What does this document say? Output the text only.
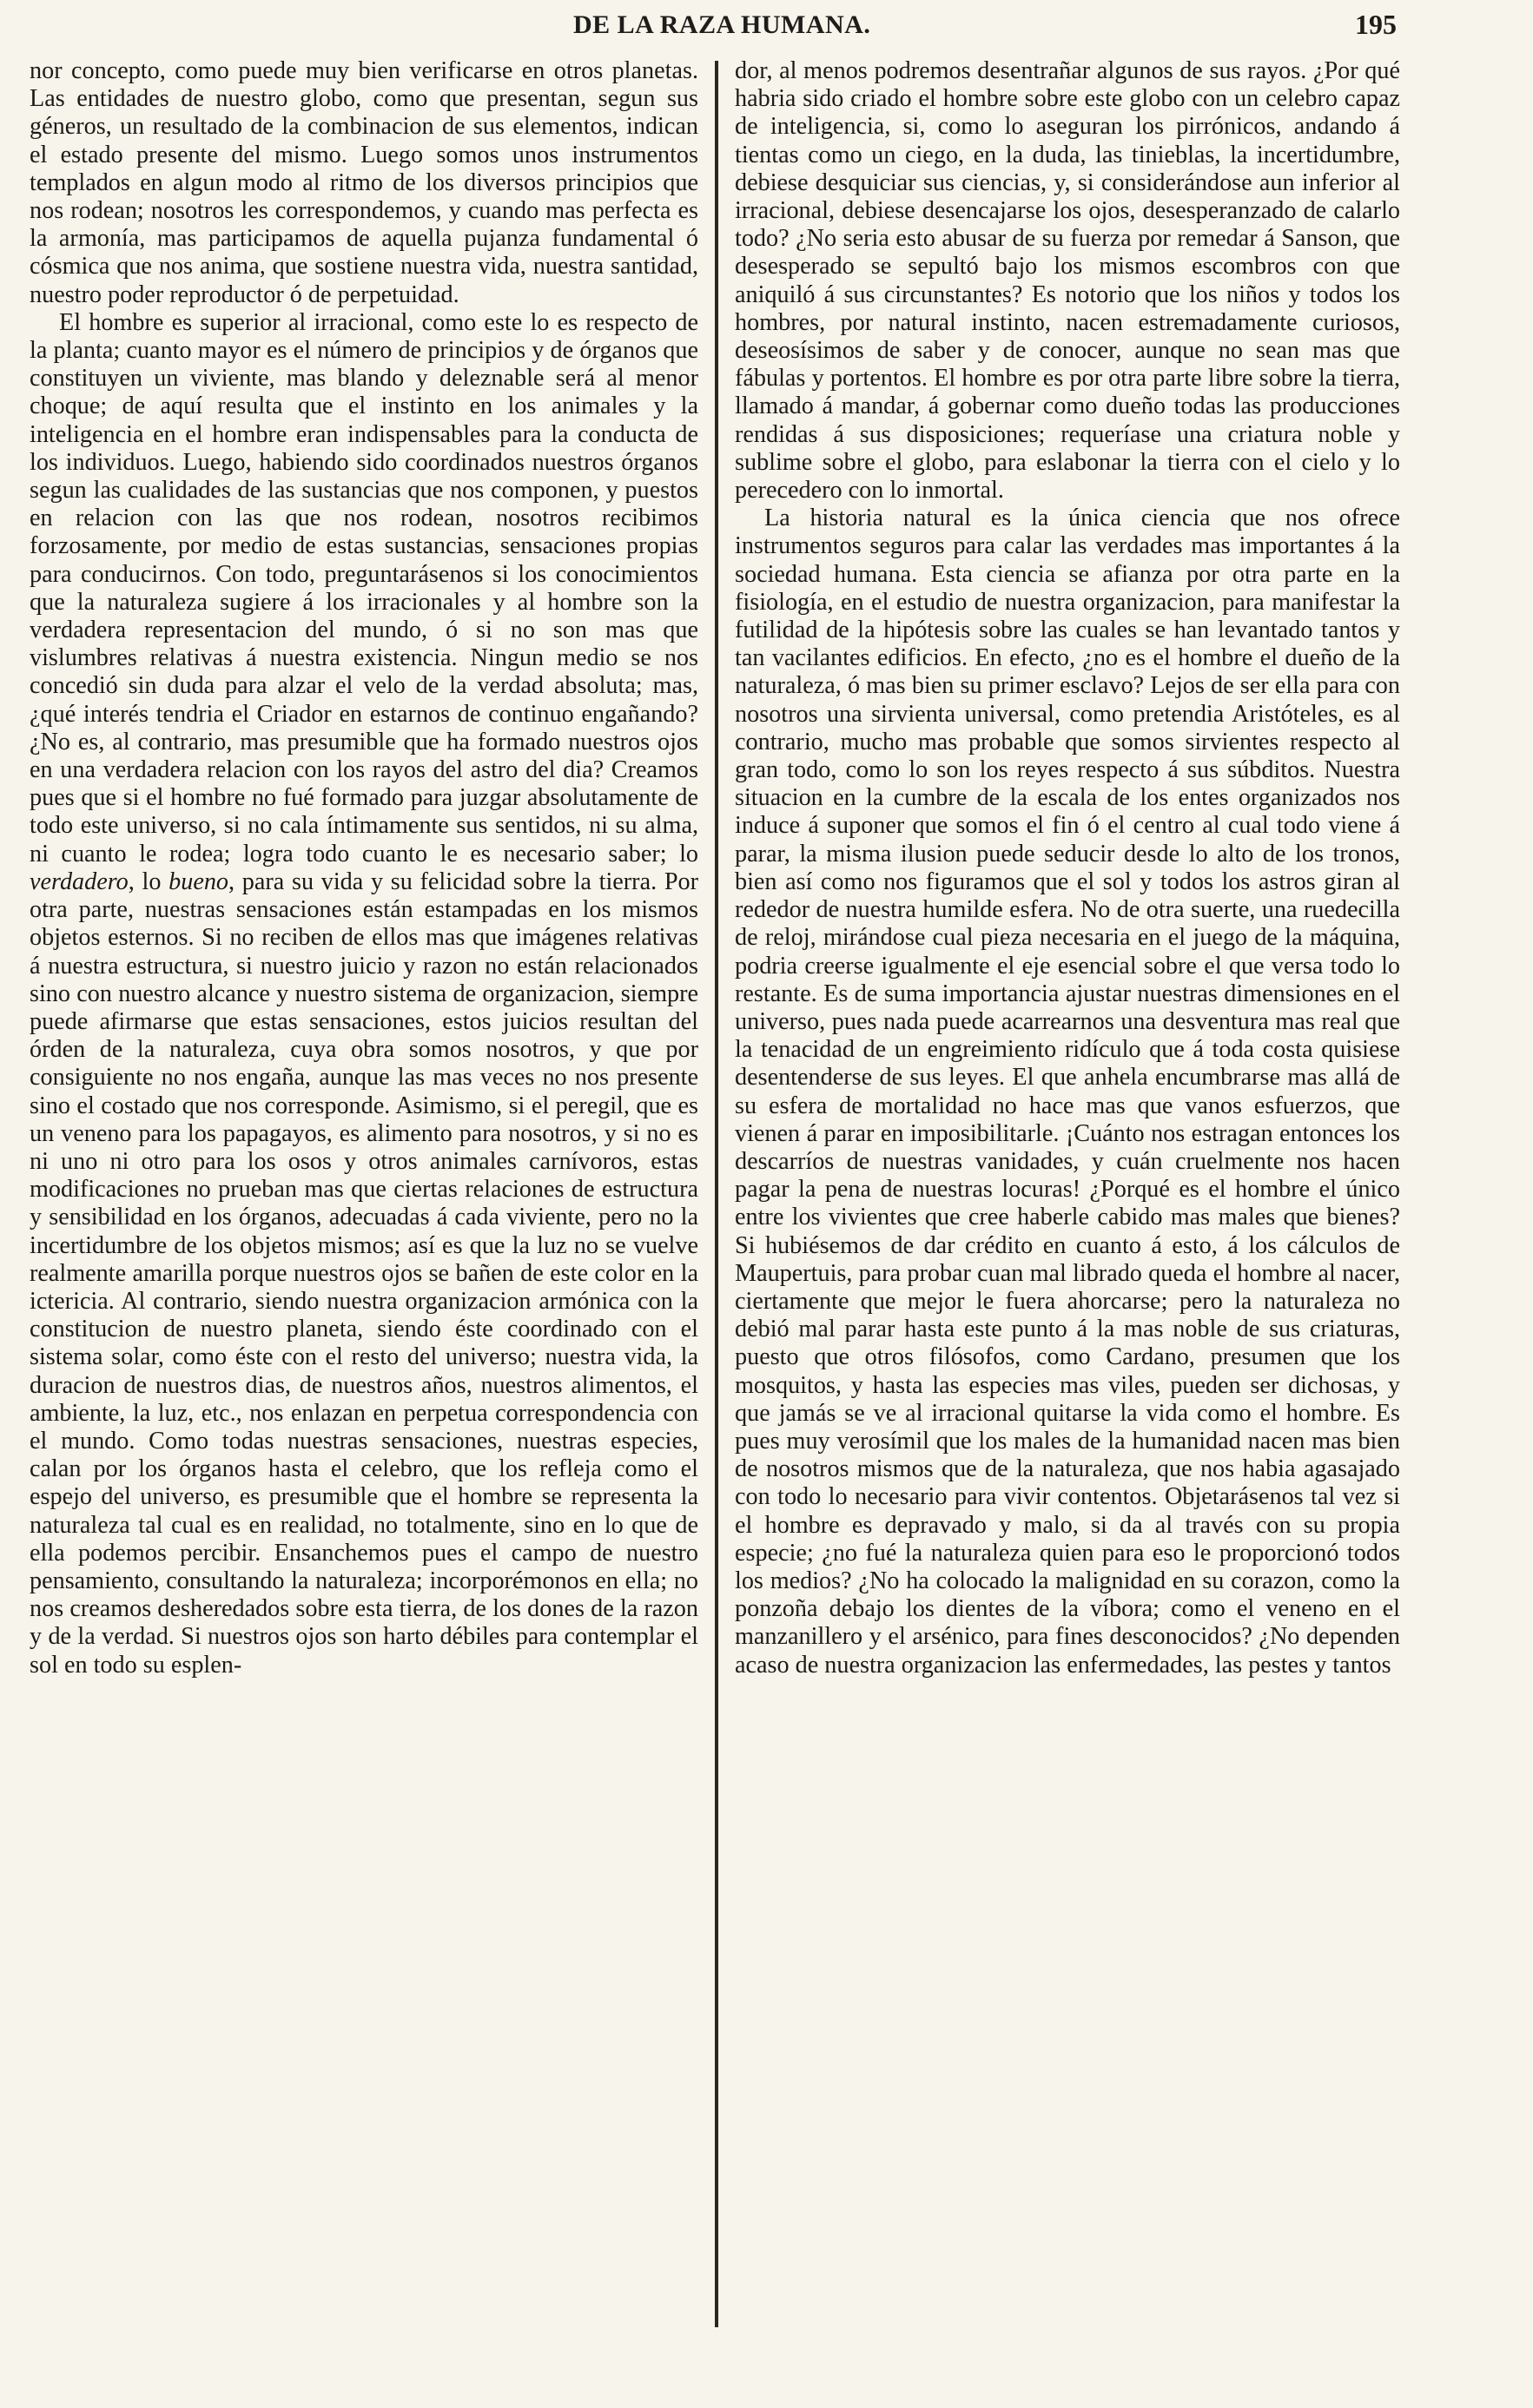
DE LA RAZA HUMANA.	195

nor concepto, como puede muy bien verificarse en otros planetas. Las entidades de nuestro globo, como que presentan, segun sus géneros, un resultado de la combinacion de sus elementos, indican el estado presente del mismo. Luego somos unos instrumentos templados en algun modo al ritmo de los diversos principios que nos rodean; nosotros les correspondemos, y cuando mas perfecta es la armonía, mas participamos de aquella pujanza fundamental ó cósmica que nos anima, que sostiene nuestra vida, nuestra santidad, nuestro poder reproductor ó de perpetuidad.

El hombre es superior al irracional, como este lo es respecto de la planta; cuanto mayor es el número de principios y de órganos que constituyen un viviente, mas blando y deleznable será al menor choque; de aquí resulta que el instinto en los animales y la inteligencia en el hombre eran indispensables para la conducta de los individuos. Luego, habiendo sido coordinados nuestros órganos segun las cualidades de las sustancias que nos componen, y puestos en relacion con las que nos rodean, nosotros recibimos forzosamente, por medio de estas sustancias, sensaciones propias para conducirnos. Con todo, preguntarásenos si los conocimientos que la naturaleza sugiere á los irracionales y al hombre son la verdadera representacion del mundo, ó si no son mas que vislumbres relativas á nuestra existencia. Ningun medio se nos concedió sin duda para alzar el velo de la verdad absoluta; mas, ¿qué interés tendria el Criador en estarnos de continuo engañando? ¿No es, al contrario, mas presumible que ha formado nuestros ojos en una verdadera relacion con los rayos del astro del dia? Creamos pues que si el hombre no fué formado para juzgar absolutamente de todo este universo, si no cala íntimamente sus sentidos, ni su alma, ni cuanto le rodea; logra todo cuanto le es necesario saber; lo verdadero, lo bueno, para su vida y su felicidad sobre la tierra. Por otra parte, nuestras sensaciones están estampadas en los mismos objetos esternos. Si no reciben de ellos mas que imágenes relativas á nuestra estructura, si nuestro juicio y razon no están relacionados sino con nuestro alcance y nuestro sistema de organizacion, siempre puede afirmarse que estas sensaciones, estos juicios resultan del órden de la naturaleza, cuya obra somos nosotros, y que por consiguiente no nos engaña, aunque las mas veces no nos presente sino el costado que nos corresponde. Asimismo, si el peregil, que es un veneno para los papagayos, es alimento para nosotros, y si no es ni uno ni otro para los osos y otros animales carnívoros, estas modificaciones no prueban mas que ciertas relaciones de estructura y sensibilidad en los órganos, adecuadas á cada viviente, pero no la incertidumbre de los objetos mismos; así es que la luz no se vuelve realmente amarilla porque nuestros ojos se bañen de este color en la ictericia. Al contrario, siendo nuestra organizacion armónica con la constitucion de nuestro planeta, siendo éste coordinado con el sistema solar, como éste con el resto del universo; nuestra vida, la duracion de nuestros dias, de nuestros años, nuestros alimentos, el ambiente, la luz, etc., nos enlazan en perpetua correspondencia con el mundo. Como todas nuestras sensaciones, nuestras especies, calan por los órganos hasta el celebro, que los refleja como el espejo del universo, es presumible que el hombre se representa la naturaleza tal cual es en realidad, no totalmente, sino en lo que de ella podemos percibir. Ensanchemos pues el campo de nuestro pensamiento, consultando la naturaleza; incorporémonos en ella; no nos creamos desheredados sobre esta tierra, de los dones de la razon y de la verdad. Si nuestros ojos son harto débiles para contemplar el sol en todo su esplen-

dor, al menos podremos desentrañar algunos de sus rayos. ¿Por qué habria sido criado el hombre sobre este globo con un celebro capaz de inteligencia, si, como lo aseguran los pirrónicos, andando á tientas como un ciego, en la duda, las tinieblas, la incertidumbre, debiese desquiciar sus ciencias, y, si considerándose aun inferior al irracional, debiese desencajarse los ojos, desesperanzado de calarlo todo? ¿No seria esto abusar de su fuerza por remedar á Sanson, que desesperado se sepultó bajo los mismos escombros con que aniquiló á sus circunstantes? Es notorio que los niños y todos los hombres, por natural instinto, nacen estremadamente curiosos, deseosísimos de saber y de conocer, aunque no sean mas que fábulas y portentos. El hombre es por otra parte libre sobre la tierra, llamado á mandar, á gobernar como dueño todas las producciones rendidas á sus disposiciones; requeríase una criatura noble y sublime sobre el globo, para eslabonar la tierra con el cielo y lo perecedero con lo inmortal.

La historia natural es la única ciencia que nos ofrece instrumentos seguros para calar las verdades mas importantes á la sociedad humana. Esta ciencia se afianza por otra parte en la fisiología, en el estudio de nuestra organizacion, para manifestar la futilidad de la hipótesis sobre las cuales se han levantado tantos y tan vacilantes edificios. En efecto, ¿no es el hombre el dueño de la naturaleza, ó mas bien su primer esclavo? Lejos de ser ella para con nosotros una sirvienta universal, como pretendia Aristóteles, es al contrario, mucho mas probable que somos sirvientes respecto al gran todo, como lo son los reyes respecto á sus súbditos. Nuestra situacion en la cumbre de la escala de los entes organizados nos induce á suponer que somos el fin ó el centro al cual todo viene á parar, la misma ilusion puede seducir desde lo alto de los tronos, bien así como nos figuramos que el sol y todos los astros giran al rededor de nuestra humilde esfera. No de otra suerte, una ruedecilla de reloj, mirándose cual pieza necesaria en el juego de la máquina, podria creerse igualmente el eje esencial sobre el que versa todo lo restante. Es de suma importancia ajustar nuestras dimensiones en el universo, pues nada puede acarrearnos una desventura mas real que la tenacidad de un engreimiento ridículo que á toda costa quisiese desentenderse de sus leyes. El que anhela encumbrarse mas allá de su esfera de mortalidad no hace mas que vanos esfuerzos, que vienen á parar en imposibilitarle. ¡Cuánto nos estragan entonces los descarríos de nuestras vanidades, y cuán cruelmente nos hacen pagar la pena de nuestras locuras! ¿Porqué es el hombre el único entre los vivientes que cree haberle cabido mas males que bienes? Si hubiésemos de dar crédito en cuanto á esto, á los cálculos de Maupertuis, para probar cuan mal librado queda el hombre al nacer, ciertamente que mejor le fuera ahorcarse; pero la naturaleza no debió mal parar hasta este punto á la mas noble de sus criaturas, puesto que otros filósofos, como Cardano, presumen que los mosquitos, y hasta las especies mas viles, pueden ser dichosas, y que jamás se ve al irracional quitarse la vida como el hombre. Es pues muy verosímil que los males de la humanidad nacen mas bien de nosotros mismos que de la naturaleza, que nos habia agasajado con todo lo necesario para vivir contentos. Objetarásenos tal vez si el hombre es depravado y malo, si da al través con su propia especie; ¿no fué la naturaleza quien para eso le proporcionó todos los medios? ¿No ha colocado la malignidad en su corazon, como la ponzoña debajo los dientes de la víbora; como el veneno en el manzanillero y el arsénico, para fines desconocidos? ¿No dependen acaso de nuestra organizacion las enfermedades, las pestes y tantos
